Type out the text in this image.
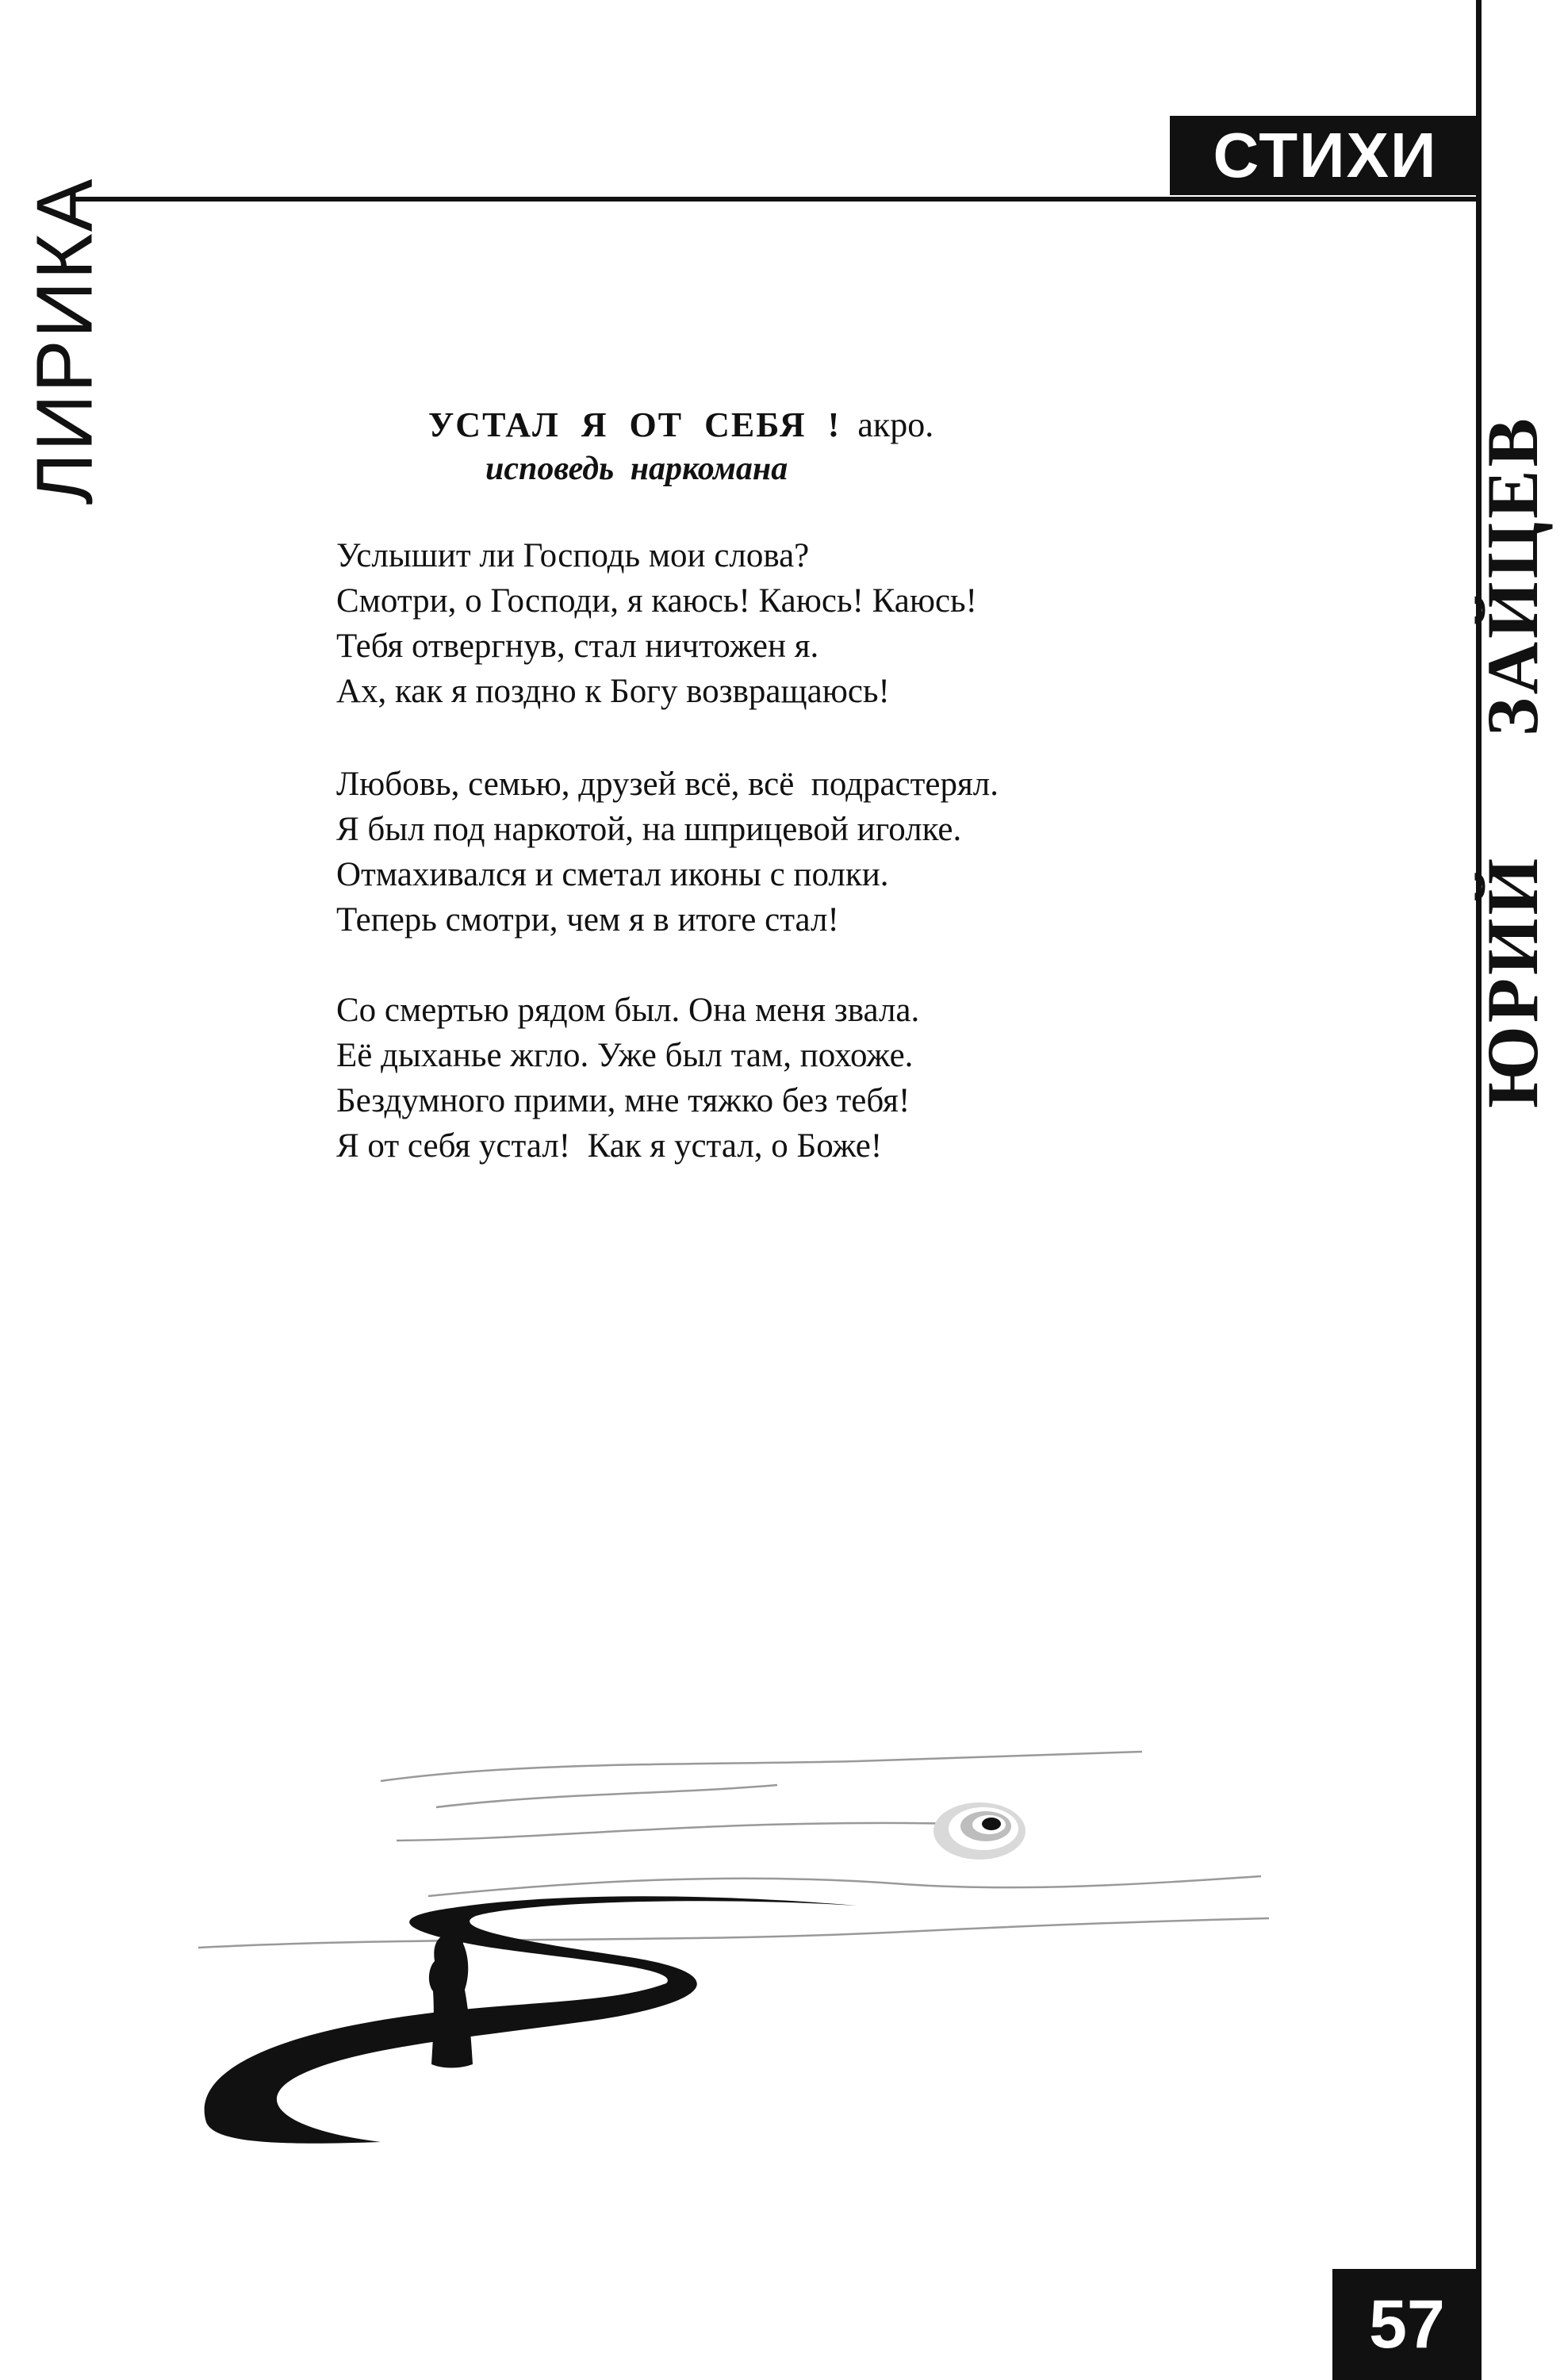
СТИХИ
ЛИРИКА
ЮРИЙЗАЙЦЕВ
УСТАЛ Я ОТ СЕБЯ ! акро.
исповедь наркомана
Услышит ли Господь мои слова?
Смотри, о Господи, я каюсь! Каюсь! Каюсь!
Тебя отвергнув, стал ничтожен я.
Ах, как я поздно к Богу возвращаюсь!
Любовь, семью, друзей всё, всё  подрастерял.
Я был под наркотой, на шприцевой иголке.
Отмахивался и сметал иконы с полки.
Теперь смотри, чем я в итоге стал!
Со смертью рядом был. Она меня звала.
Её дыханье жгло. Уже был там, похоже.
Бездумного прими, мне тяжко без тебя!
Я от себя устал!  Как я устал, о Боже!
57
